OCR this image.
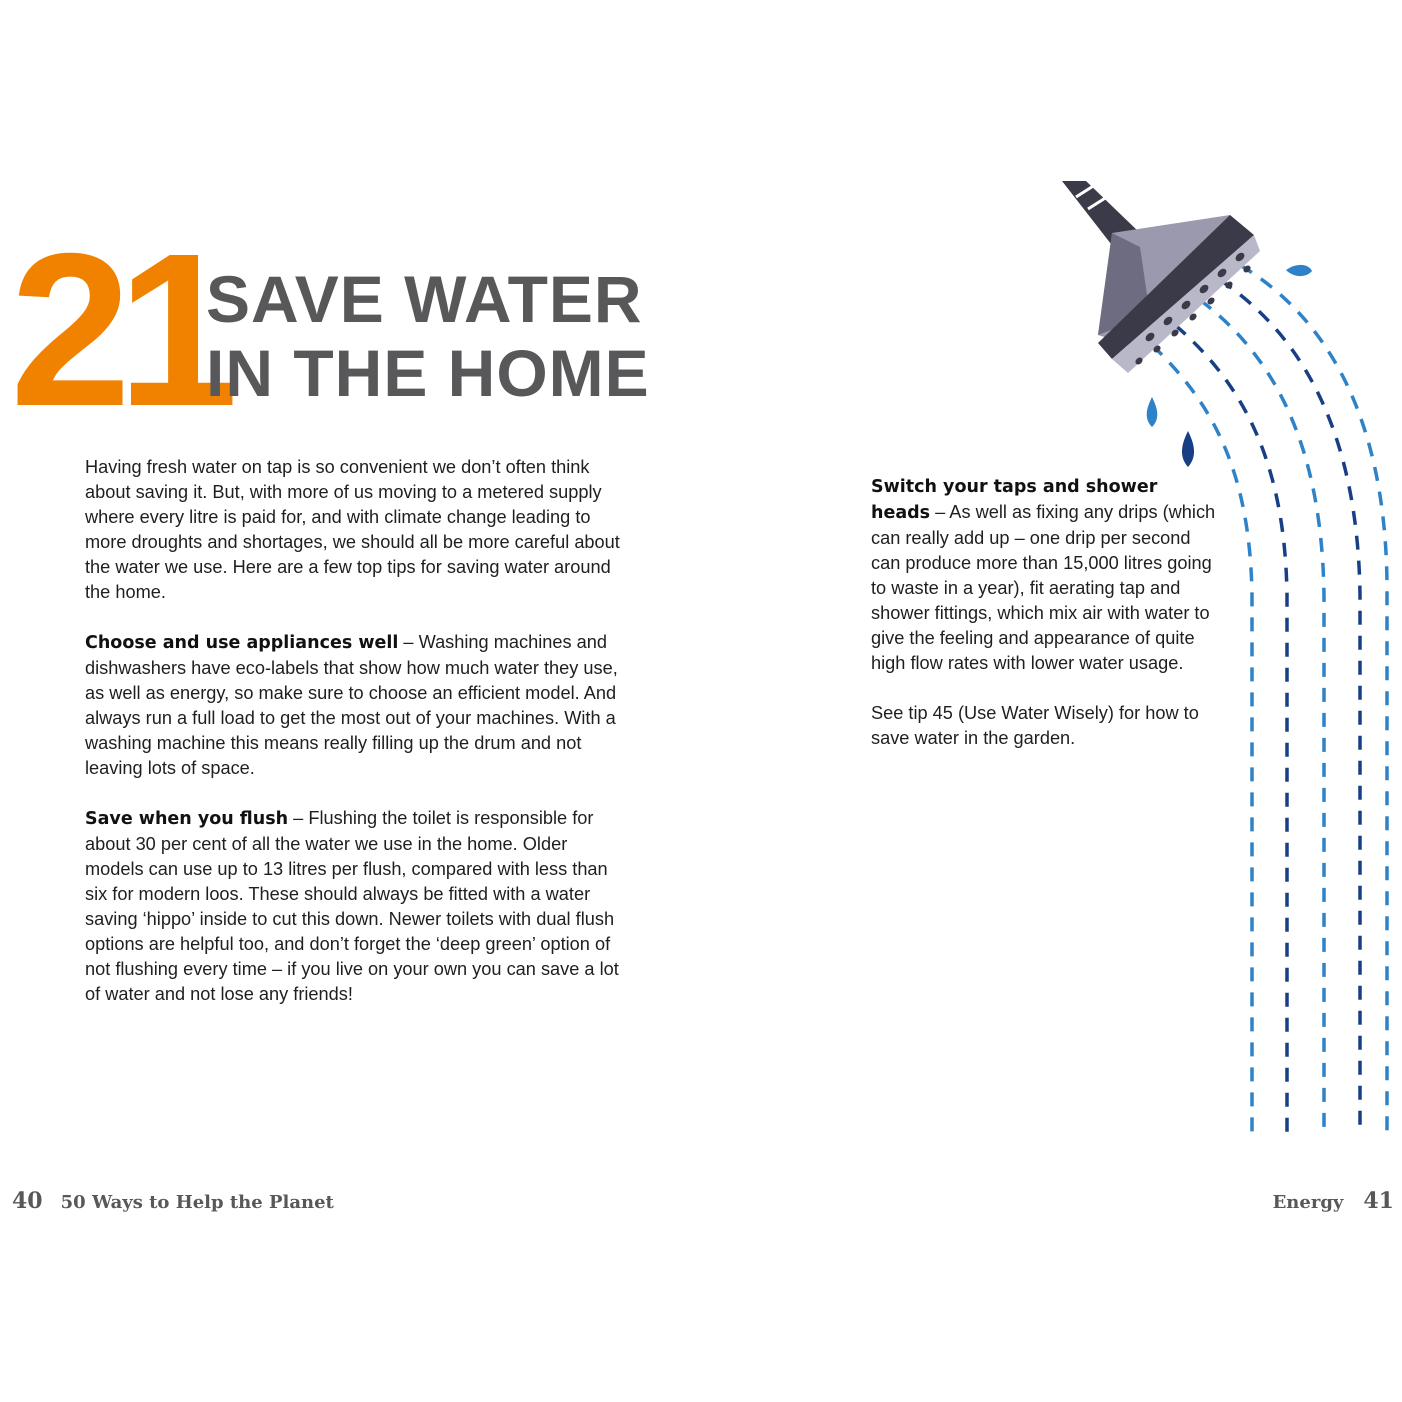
21
SAVE WATER
IN THE HOME

Having fresh water on tap is so convenient we don’t often think about saving it. But, with more of us moving to a metered supply where every litre is paid for, and with climate change leading to more droughts and shortages, we should all be more careful about the water we use. Here are a few top tips for saving water around the home.

Choose and use appliances well – Washing machines and dishwashers have eco-labels that show how much water they use, as well as energy, so make sure to choose an efficient model. And always run a full load to get the most out of your machines. With a washing machine this means really filling up the drum and not leaving lots of space.

Save when you flush – Flushing the toilet is responsible for about 30 per cent of all the water we use in the home. Older models can use up to 13 litres per flush, compared with less than six for modern loos. These should always be fitted with a water saving ‘hippo’ inside to cut this down. Newer toilets with dual flush options are helpful too, and don’t forget the ‘deep green’ option of not flushing every time – if you live on your own you can save a lot of water and not lose any friends!

Switch your taps and shower heads – As well as fixing any drips (which can really add up – one drip per second can produce more than 15,000 litres going to waste in a year), fit aerating tap and shower fittings, which mix air with water to give the feeling and appearance of quite high flow rates with lower water usage.

See tip 45 (Use Water Wisely) for how to save water in the garden.

40 50 Ways to Help the Planet	Energy 41
